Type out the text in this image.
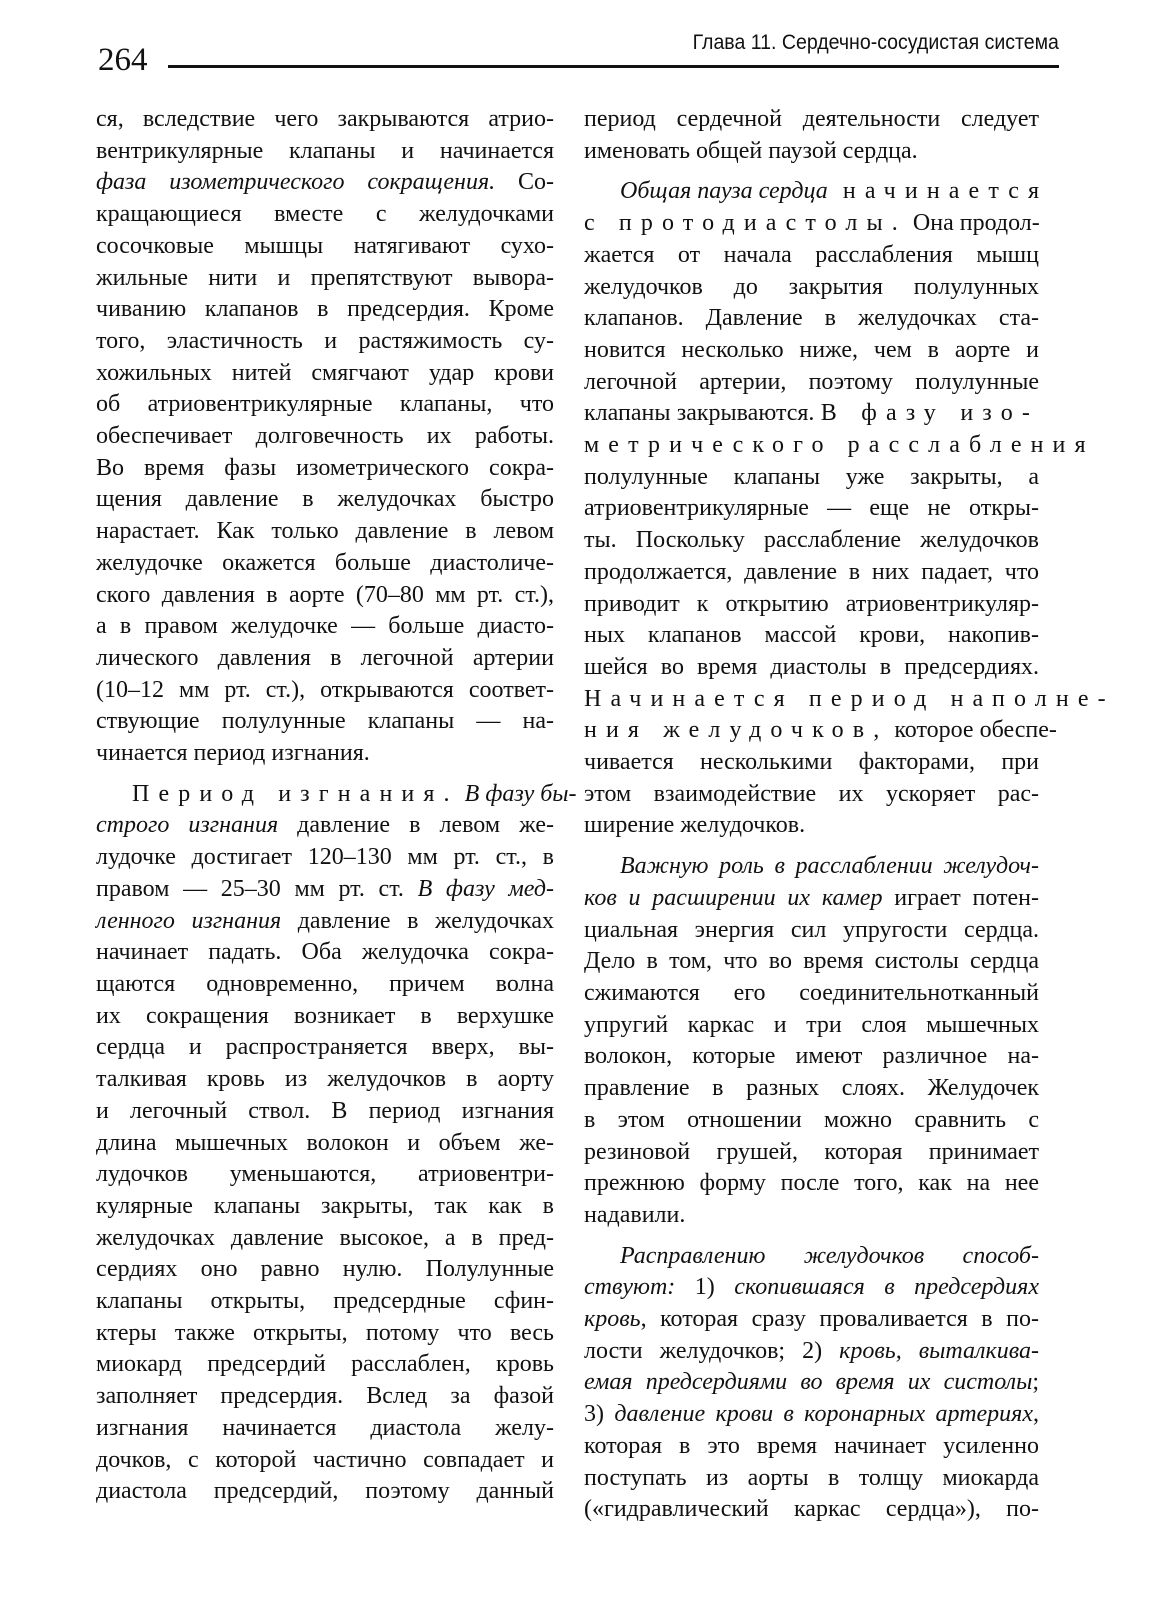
264	Глава 11. Сердечно-сосудистая система

ся, вследствие чего закрываются атрио-
вентрикулярные клапаны и начинается
фаза изометрического сокращения. Со-
кращающиеся вместе с желудочками
сосочковые мышцы натягивают сухо-
жильные нити и препятствуют вывора-
чиванию клапанов в предсердия. Кроме
того, эластичность и растяжимость су-
хожильных нитей смягчают удар крови
об атриовентрикулярные клапаны, что
обеспечивает долговечность их работы.
Во время фазы изометрического сокра-
щения давление в желудочках быстро
нарастает. Как только давление в левом
желудочке окажется больше диастоличе-
ского давления в аорте (70–80 мм рт. ст.),
а в правом желудочке — больше диасто-
лического давления в легочной артерии
(10–12 мм рт. ст.), открываются соответ-
ствующие полулунные клапаны — на-
чинается период изгнания.

Период изгнания. В фазу бы-
строго изгнания давление в левом же-
лудочке достигает 120–130 мм рт. ст., в
правом — 25–30 мм рт. ст. В фазу мед-
ленного изгнания давление в желудочках
начинает падать. Оба желудочка сокра-
щаются одновременно, причем волна
их сокращения возникает в верхушке
сердца и распространяется вверх, вы-
талкивая кровь из желудочков в аорту
и легочный ствол. В период изгнания
длина мышечных волокон и объем же-
лудочков уменьшаются, атриовентри-
кулярные клапаны закрыты, так как в
желудочках давление высокое, а в пред-
сердиях оно равно нулю. Полулунные
клапаны открыты, предсердные сфин-
ктеры также открыты, потому что весь
миокард предсердий расслаблен, кровь
заполняет предсердия. Вслед за фазой
изгнания начинается диастола желу-
дочков, с которой частично совпадает и
диастола предсердий, поэтому данный

период сердечной деятельности следует
именовать общей паузой сердца.

Общая пауза сердца начинается
с протодиастолы. Она продол-
жается от начала расслабления мышц
желудочков до закрытия полулунных
клапанов. Давление в желудочках ста-
новится несколько ниже, чем в аорте и
легочной артерии, поэтому полулунные
клапаны закрываются. В фазу изо-
метрического расслабления
полулунные клапаны уже закрыты, а
атриовентрикулярные — еще не откры-
ты. Поскольку расслабление желудочков
продолжается, давление в них падает, что
приводит к открытию атриовентрикуляр-
ных клапанов массой крови, накопив-
шейся во время диастолы в предсердиях.
Начинается период наполне-
ния желудочков, которое обеспе-
чивается несколькими факторами, при
этом взаимодействие их ускоряет рас-
ширение желудочков.

Важную роль в расслаблении желудоч-
ков и расширении их камер играет потен-
циальная энергия сил упругости сердца.
Дело в том, что во время систолы сердца
сжимаются его соединительнотканный
упругий каркас и три слоя мышечных
волокон, которые имеют различное на-
правление в разных слоях. Желудочек
в этом отношении можно сравнить с
резиновой грушей, которая принимает
прежнюю форму после того, как на нее
надавили.

Расправлению желудочков способ-
ствуют: 1) скопившаяся в предсердиях
кровь, которая сразу проваливается в по-
лости желудочков; 2) кровь, выталкива-
емая предсердиями во время их систолы;
3) давление крови в коронарных артериях,
которая в это время начинает усиленно
поступать из аорты в толщу миокарда
(«гидравлический каркас сердца»), по-
